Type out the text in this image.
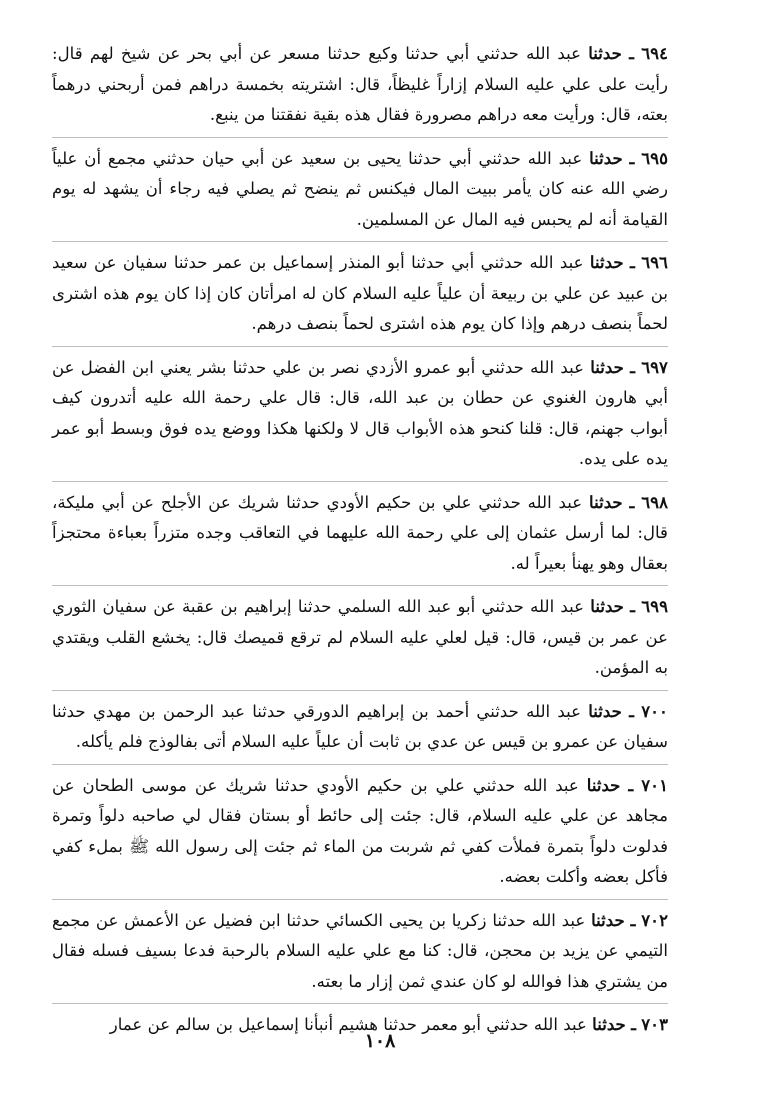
٦٩٤ ـ حدثنا عبد الله حدثني أبي حدثنا وكيع حدثنا مسعر عن أبي بحر عن شيخ لهم قال: رأيت على علي عليه السلام إزاراً غليظاً، قال: اشتريته بخمسة دراهم فمن أربحني درهماً بعته، قال: ورأيت معه دراهم مصرورة فقال هذه بقية نفقتنا من ينبع.
٦٩٥ ـ حدثنا عبد الله حدثني أبي حدثنا يحيى بن سعيد عن أبي حيان حدثني مجمع أن علياً رضي الله عنه كان يأمر ببيت المال فيكنس ثم ينضح ثم يصلي فيه رجاء أن يشهد له يوم القيامة أنه لم يحبس فيه المال عن المسلمين.
٦٩٦ ـ حدثنا عبد الله حدثني أبي حدثنا أبو المنذر إسماعيل بن عمر حدثنا سفيان عن سعيد بن عبيد عن علي بن ربيعة أن علياً عليه السلام كان له امرأتان كان إذا كان يوم هذه اشترى لحماً بنصف درهم وإذا كان يوم هذه اشترى لحماً بنصف درهم.
٦٩٧ ـ حدثنا عبد الله حدثني أبو عمرو الأزدي نصر بن علي حدثنا بشر يعني ابن الفضل عن أبي هارون الغنوي عن حطان بن عبد الله، قال: قال علي رحمة الله عليه أتدرون كيف أبواب جهنم، قال: قلنا كنحو هذه الأبواب قال لا ولكنها هكذا ووضع يده فوق وبسط أبو عمر يده على يده.
٦٩٨ ـ حدثنا عبد الله حدثني علي بن حكيم الأودي حدثنا شريك عن الأجلح عن أبي مليكة، قال: لما أرسل عثمان إلى علي رحمة الله عليهما في التعاقب وجده متزراً بعباءة محتجزاً بعقال وهو يهنأ بعيراً له.
٦٩٩ ـ حدثنا عبد الله حدثني أبو عبد الله السلمي حدثنا إبراهيم بن عقبة عن سفيان الثوري عن عمر بن قيس، قال: قيل لعلي عليه السلام لم ترقع قميصك قال: يخشع القلب ويقتدي به المؤمن.
٧٠٠ ـ حدثنا عبد الله حدثني أحمد بن إبراهيم الدورقي حدثنا عبد الرحمن بن مهدي حدثنا سفيان عن عمرو بن قيس عن عدي بن ثابت أن علياً عليه السلام أتى بفالوذج فلم يأكله.
٧٠١ ـ حدثنا عبد الله حدثني علي بن حكيم الأودي حدثنا شريك عن موسى الطحان عن مجاهد عن علي عليه السلام، قال: جئت إلى حائط أو بستان فقال لي صاحبه دلواً وتمرة فدلوت دلواً بتمرة فملأت كفي ثم شربت من الماء ثم جئت إلى رسول الله ﷺ بملء كفي فأكل بعضه وأكلت بعضه.
٧٠٢ ـ حدثنا عبد الله حدثنا زكريا بن يحيى الكسائي حدثنا ابن فضيل عن الأعمش عن مجمع التيمي عن يزيد بن محجن، قال: كنا مع علي عليه السلام بالرحبة فدعا بسيف فسله فقال من يشتري هذا فوالله لو كان عندي ثمن إزار ما بعته.
٧٠٣ ـ حدثنا عبد الله حدثني أبو معمر حدثنا هشيم أنبأنا إسماعيل بن سالم عن عمار
١٠٨
